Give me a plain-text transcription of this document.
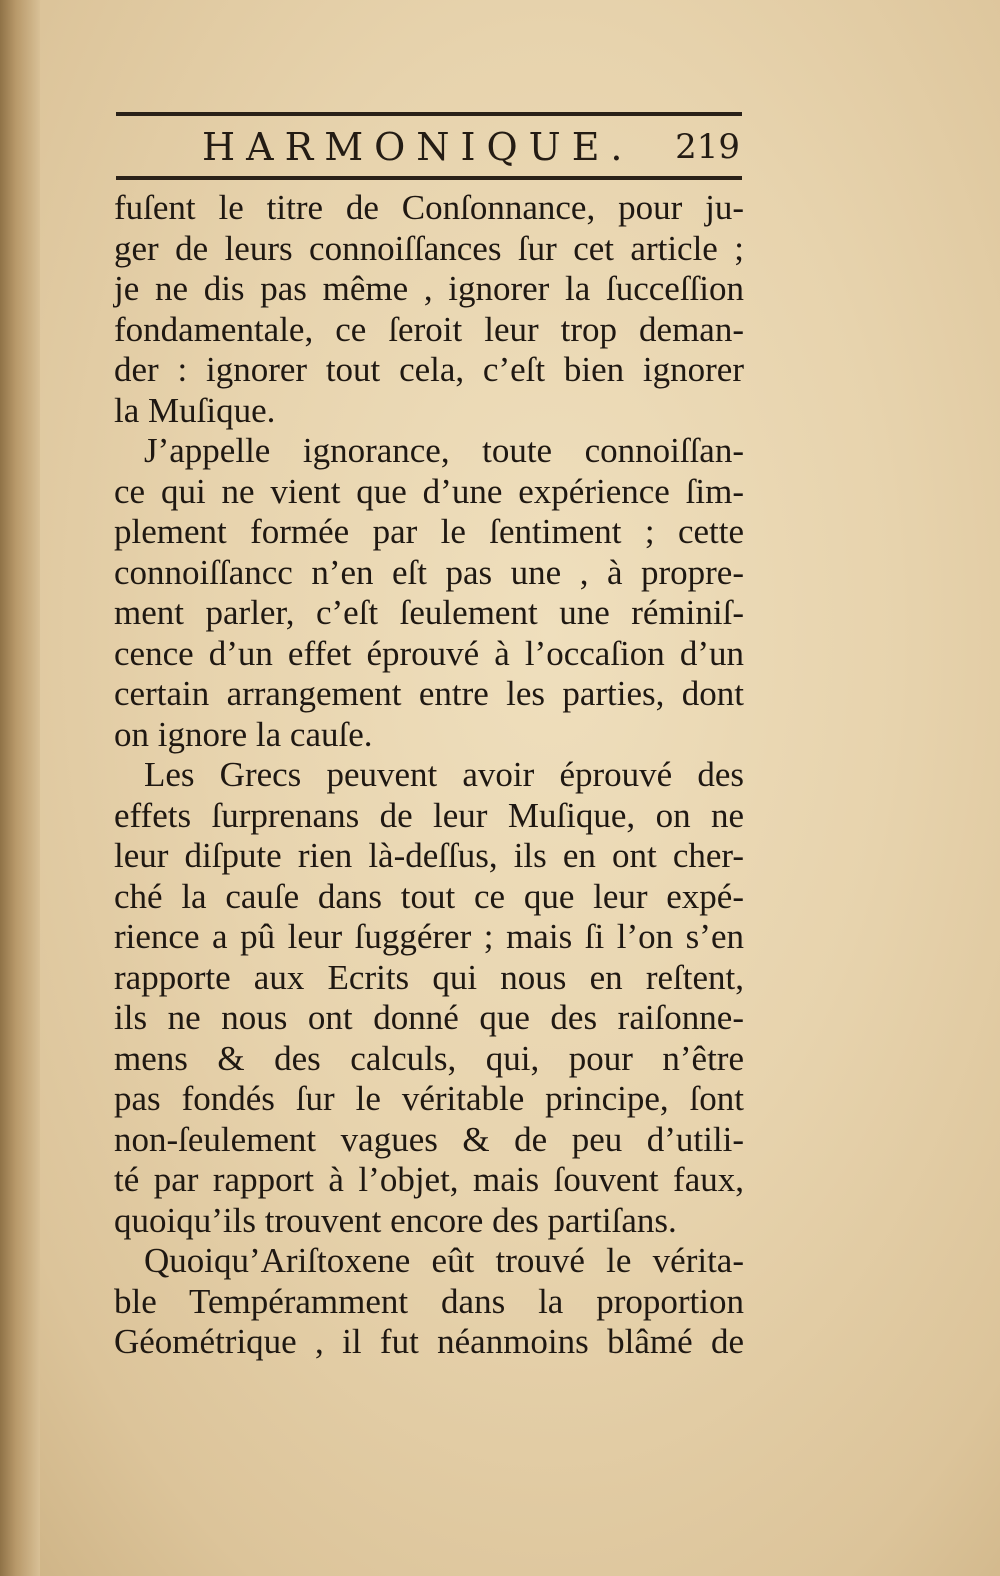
HARMONIQUE. 219
fuſent le titre de Conſonnance, pour ju-
ger de leurs connoiſſances ſur cet article ;
je ne dis pas même , ignorer la ſucceſſion
fondamentale, ce ſeroit leur trop deman-
der : ignorer tout cela, c’eſt bien ignorer
la Muſique.
J’appelle ignorance, toute connoiſſan-
ce qui ne vient que d’une expérience ſim-
plement formée par le ſentiment ; cette
connoiſſancc n’en eſt pas une , à propre-
ment parler, c’eſt ſeulement une réminiſ-
cence d’un effet éprouvé à l’occaſion d’un
certain arrangement entre les parties, dont
on ignore la cauſe.
Les Grecs peuvent avoir éprouvé des
effets ſurprenans de leur Muſique, on ne
leur diſpute rien là-deſſus, ils en ont cher-
ché la cauſe dans tout ce que leur expé-
rience a pû leur ſuggérer ; mais ſi l’on s’en
rapporte aux Ecrits qui nous en reſtent,
ils ne nous ont donné que des raiſonne-
mens & des calculs, qui, pour n’être
pas fondés ſur le véritable principe, ſont
non-ſeulement vagues & de peu d’utili-
té par rapport à l’objet, mais ſouvent faux,
quoiqu’ils trouvent encore des partiſans.
Quoiqu’Ariſtoxene eût trouvé le vérita-
ble Tempéramment dans la proportion
Géométrique , il fut néanmoins blâmé de
